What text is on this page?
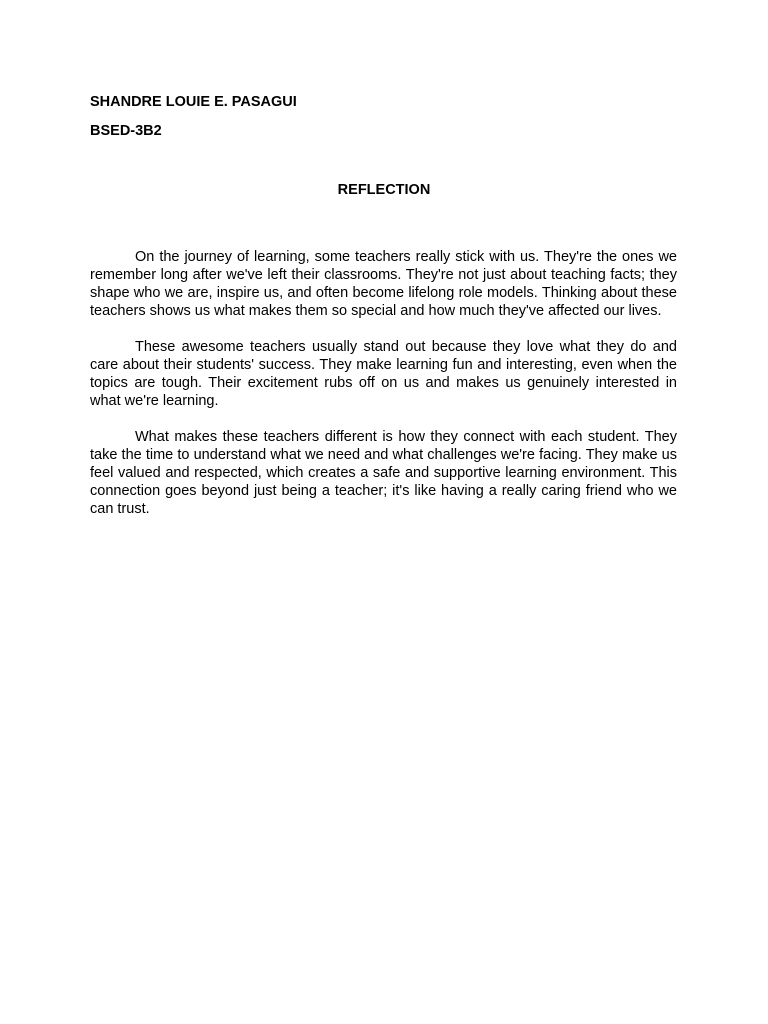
SHANDRE LOUIE E. PASAGUI
BSED-3B2
REFLECTION

On the journey of learning, some teachers really stick with us. They're the ones we remember long after we've left their classrooms. They're not just about teaching facts; they shape who we are, inspire us, and often become lifelong role models. Thinking about these teachers shows us what makes them so special and how much they've affected our lives.

These awesome teachers usually stand out because they love what they do and care about their students' success. They make learning fun and interesting, even when the topics are tough. Their excitement rubs off on us and makes us genuinely interested in what we're learning.

What makes these teachers different is how they connect with each student. They take the time to understand what we need and what challenges we're facing. They make us feel valued and respected, which creates a safe and supportive learning environment. This connection goes beyond just being a teacher; it's like having a really caring friend who we can trust.
